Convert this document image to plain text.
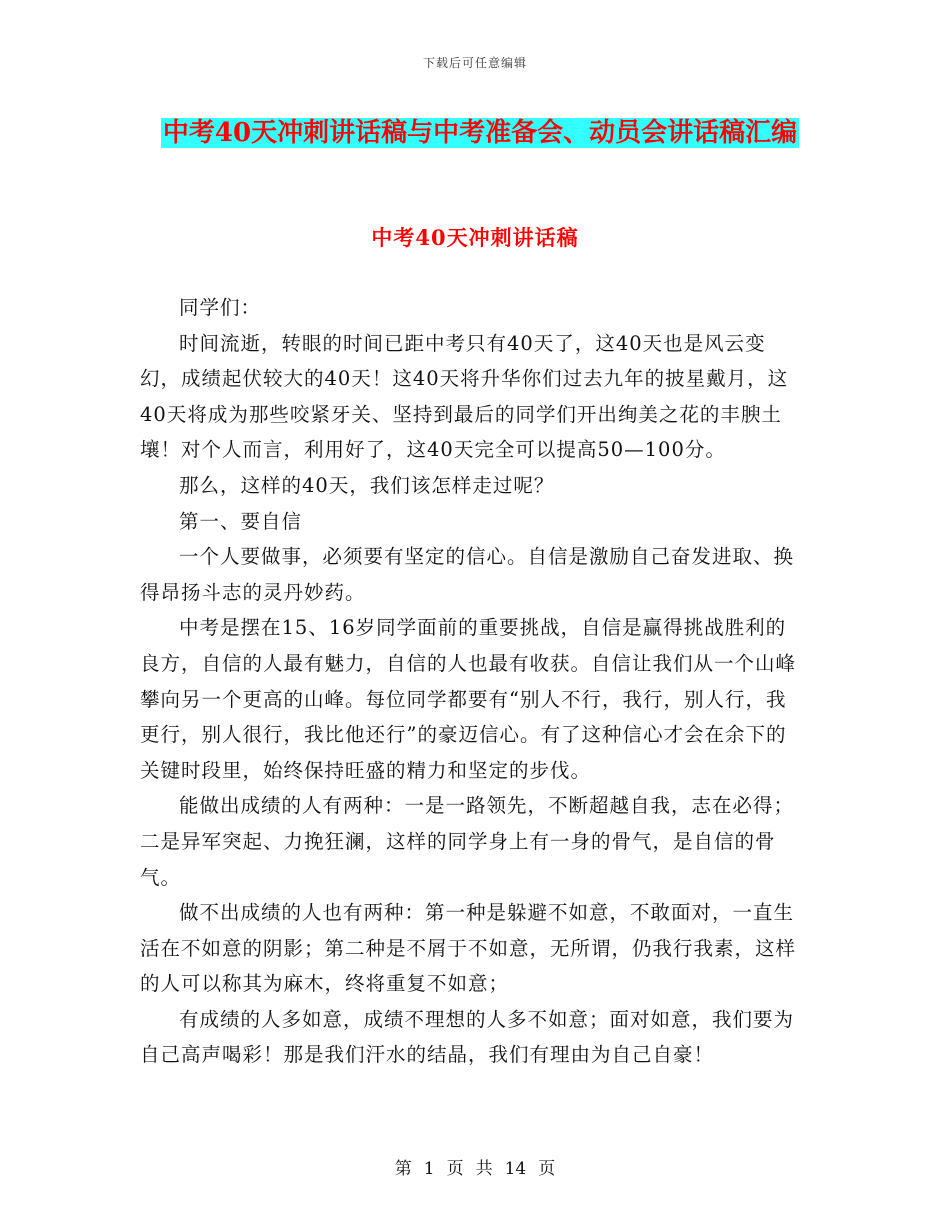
下载后可任意编辑
中考40天冲刺讲话稿与中考准备会、动员会讲话稿汇编
中考40天冲刺讲话稿

同学们：

时间流逝，转眼的时间已距中考只有40天了，这40天也是风云变幻，成绩起伏较大的40天！这40天将升华你们过去九年的披星戴月，这40天将成为那些咬紧牙关、坚持到最后的同学们开出绚美之花的丰腴土壤！对个人而言，利用好了，这40天完全可以提高50—100分。

那么，这样的40天，我们该怎样走过呢？

第一、要自信

一个人要做事，必须要有坚定的信心。自信是激励自己奋发进取、换得昂扬斗志的灵丹妙药。

中考是摆在15、16岁同学面前的重要挑战，自信是赢得挑战胜利的良方，自信的人最有魅力，自信的人也最有收获。自信让我们从一个山峰攀向另一个更高的山峰。每位同学都要有“别人不行，我行，别人行，我更行，别人很行，我比他还行”的豪迈信心。有了这种信心才会在余下的关键时段里，始终保持旺盛的精力和坚定的步伐。

能做出成绩的人有两种：一是一路领先，不断超越自我，志在必得；二是异军突起、力挽狂澜，这样的同学身上有一身的骨气，是自信的骨气。

做不出成绩的人也有两种：第一种是躲避不如意，不敢面对，一直生活在不如意的阴影；第二种是不屑于不如意，无所谓，仍我行我素，这样的人可以称其为麻木，终将重复不如意；

有成绩的人多如意，成绩不理想的人多不如意；面对如意，我们要为自己高声喝彩！那是我们汗水的结晶，我们有理由为自己自豪！

第 1 页 共 14 页
